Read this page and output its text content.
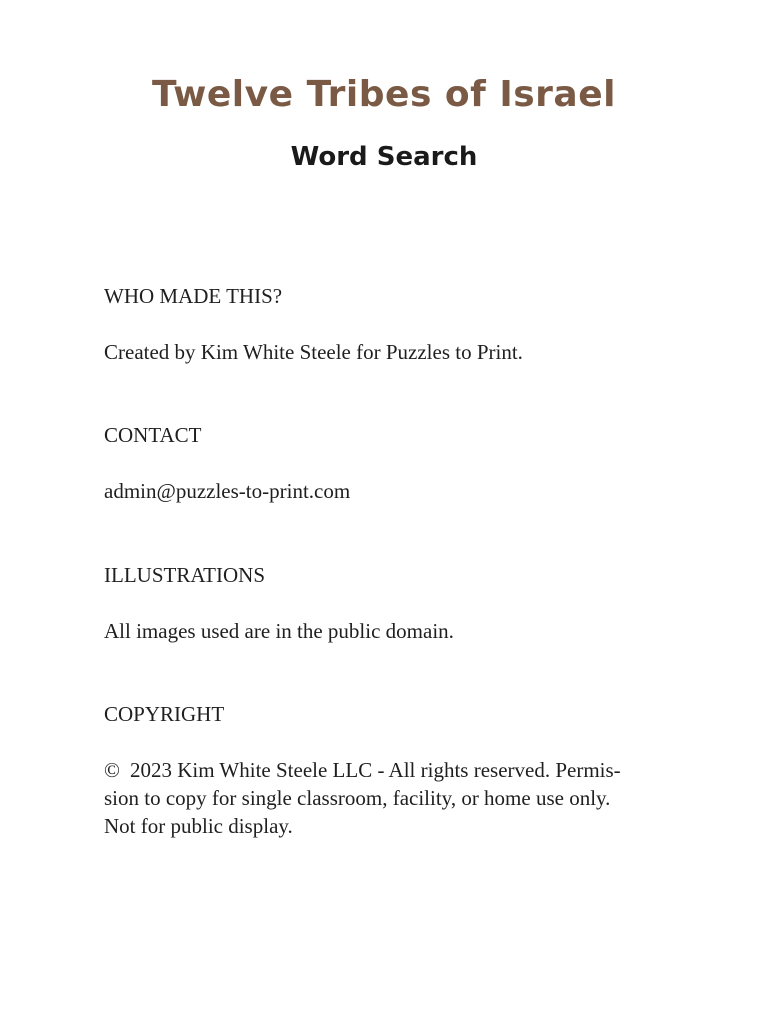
Twelve Tribes of Israel
Word Search

WHO MADE THIS?

Created by Kim White Steele for Puzzles to Print.

CONTACT

admin@puzzles-to-print.com

ILLUSTRATIONS

All images used are in the public domain.

COPYRIGHT

© 2023 Kim White Steele LLC - All rights reserved. Permis-
sion to copy for single classroom, facility, or home use only.
Not for public display.
